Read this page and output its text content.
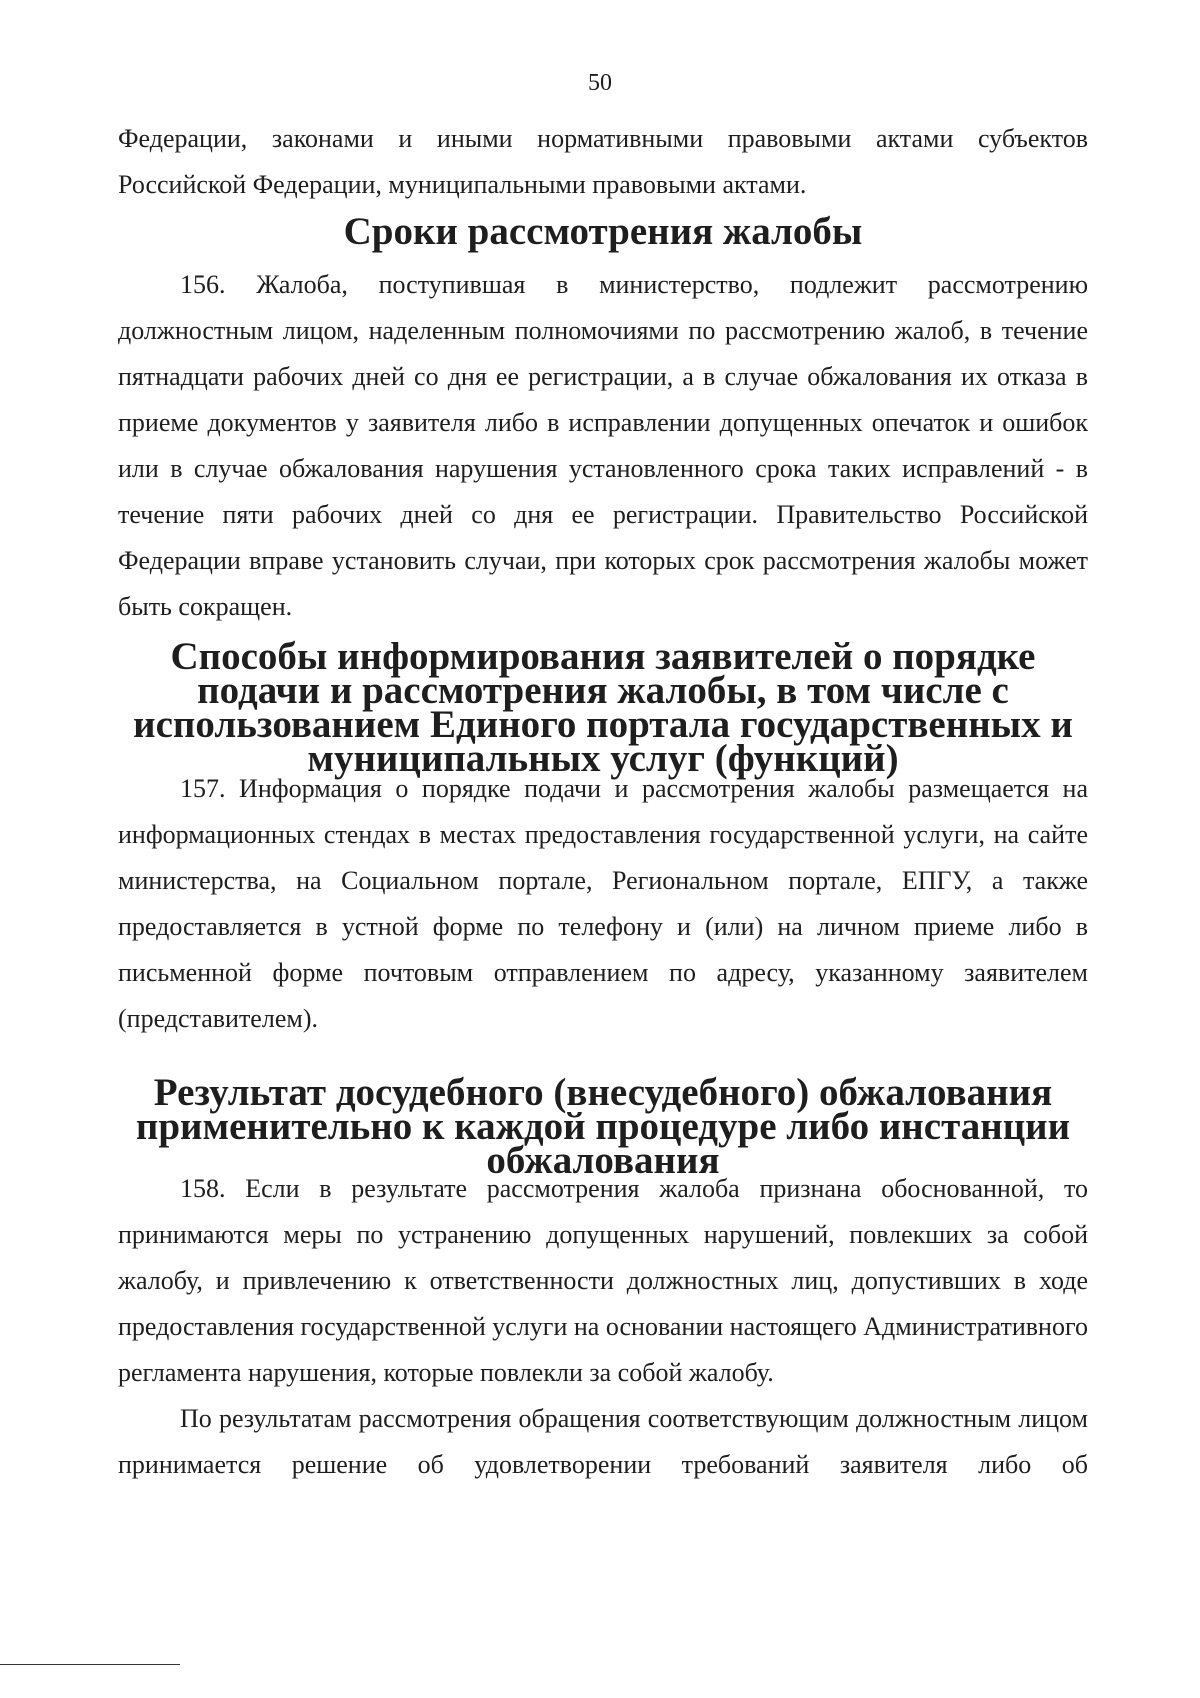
50

Федерации, законами и иными нормативными правовыми актами субъектов Российской Федерации, муниципальными правовыми актами.

Сроки рассмотрения жалобы

156. Жалоба, поступившая в министерство, подлежит рассмотрению должностным лицом, наделенным полномочиями по рассмотрению жалоб, в течение пятнадцати рабочих дней со дня ее регистрации, а в случае обжалования их отказа в приеме документов у заявителя либо в исправлении допущенных опечаток и ошибок или в случае обжалования нарушения установленного срока таких исправлений - в течение пяти рабочих дней со дня ее регистрации. Правительство Российской Федерации вправе установить случаи, при которых срок рассмотрения жалобы может быть сокращен.

Способы информирования заявителей о порядке подачи и рассмотрения жалобы, в том числе с использованием Единого портала государственных и муниципальных услуг (функций)

157. Информация о порядке подачи и рассмотрения жалобы размещается на информационных стендах в местах предоставления государственной услуги, на сайте министерства, на Социальном портале, Региональном портале, ЕПГУ, а также предоставляется в устной форме по телефону и (или) на личном приеме либо в письменной форме почтовым отправлением по адресу, указанному заявителем (представителем).

Результат досудебного (внесудебного) обжалования применительно к каждой процедуре либо инстанции обжалования

158. Если в результате рассмотрения жалоба признана обоснованной, то принимаются меры по устранению допущенных нарушений, повлекших за собой жалобу, и привлечению к ответственности должностных лиц, допустивших в ходе предоставления государственной услуги на основании настоящего Административного регламента нарушения, которые повлекли за собой жалобу.

По результатам рассмотрения обращения соответствующим должностным лицом принимается решение об удовлетворении требований заявителя либо об
